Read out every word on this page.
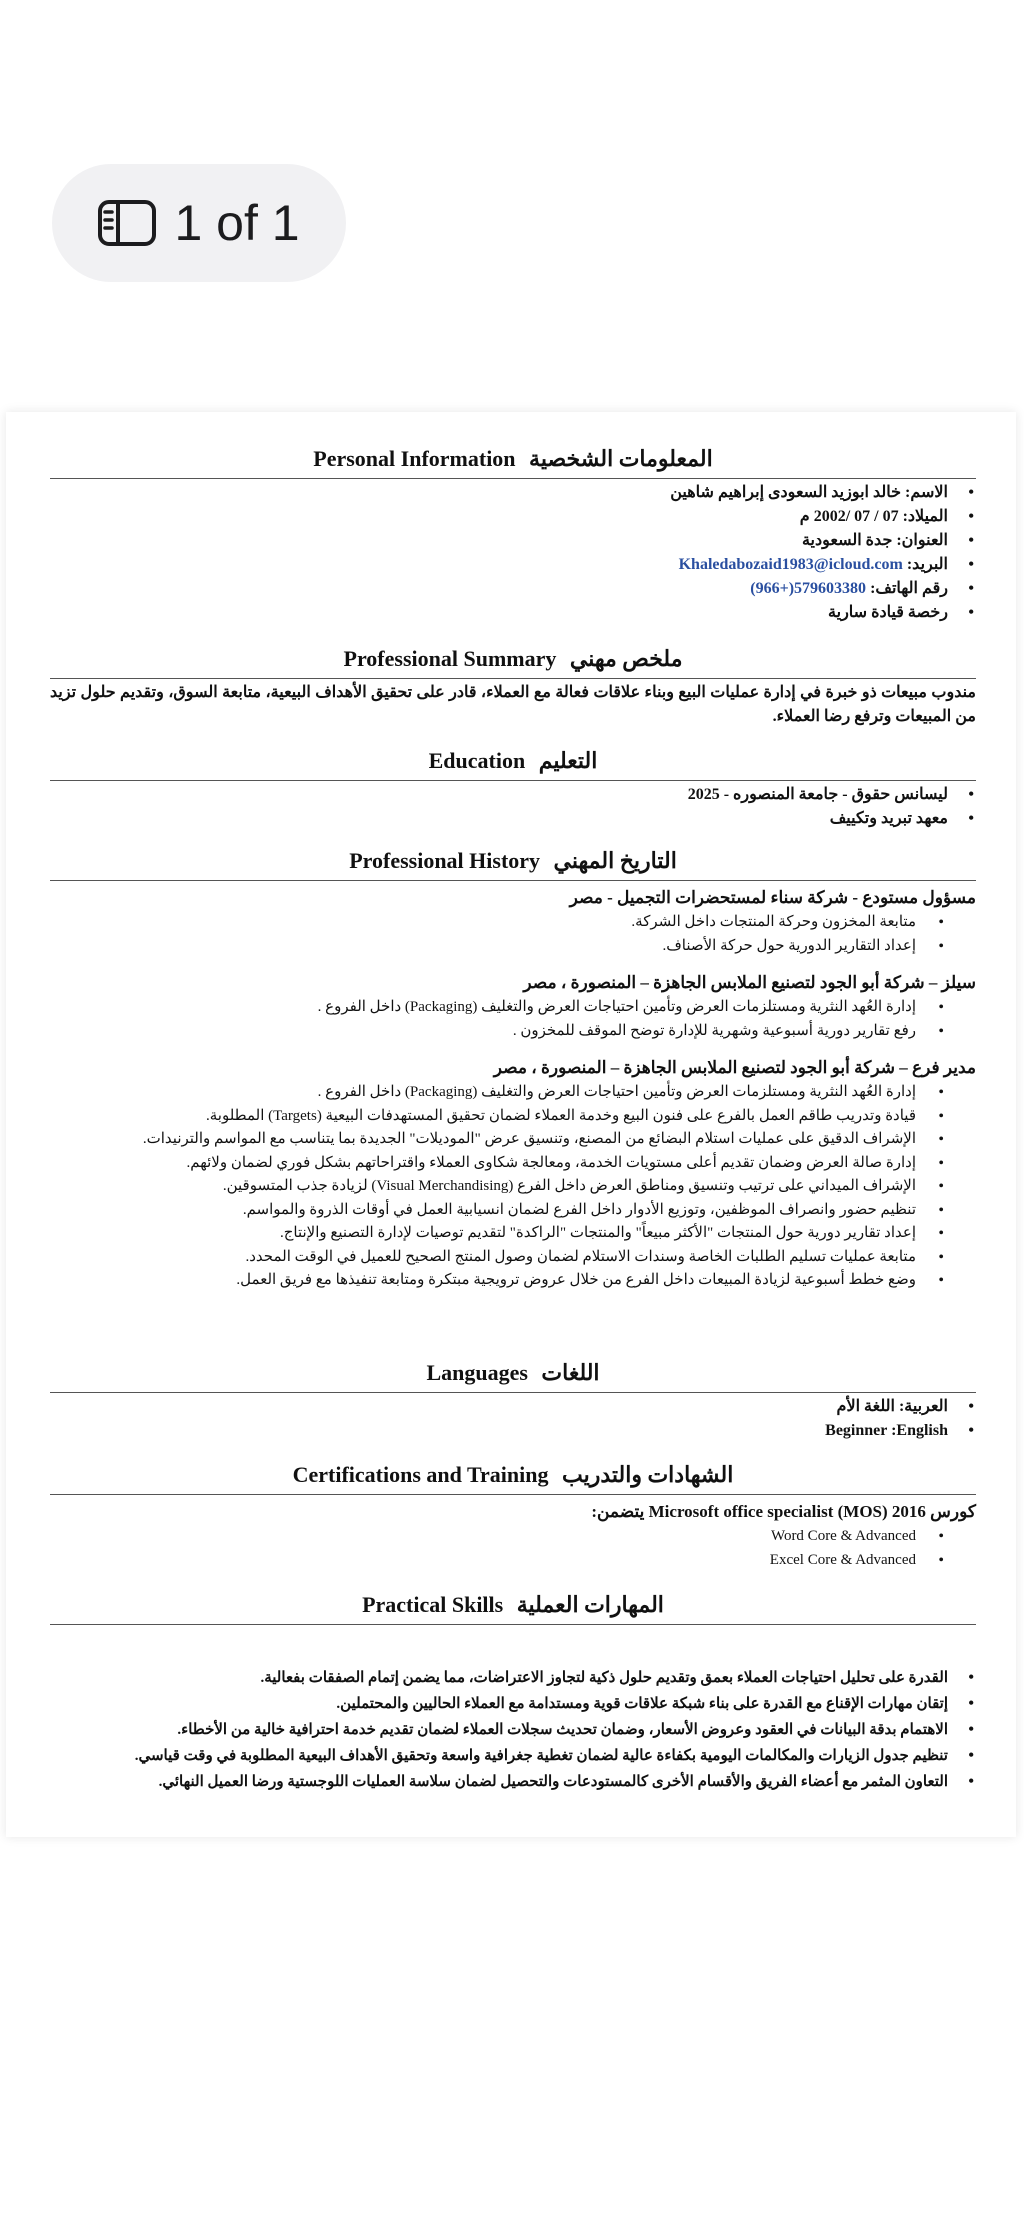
1 of 1
Personal Information المعلومات الشخصية
• الاسم: خالد ابوزيد السعودى إبراهيم شاهين
• الميلاد: 07 / 07 /2002 م
• العنوان: جدة السعودية
• البريد: Khaledabozaid1983@icloud.com
• رقم الهاتف: (966+)579603380
• رخصة قيادة سارية
Professional Summary ملخص مهني
مندوب مبيعات ذو خبرة في إدارة عمليات البيع وبناء علاقات فعالة مع العملاء، قادر على تحقيق الأهداف البيعية، متابعة السوق، وتقديم حلول تزيد من المبيعات وترفع رضا العملاء.
Education التعليم
• ليسانس حقوق - جامعة المنصوره - 2025
• معهد تبريد وتكييف
Professional History التاريخ المهني
مسؤول مستودع - شركة سناء لمستحضرات التجميل - مصر
• متابعة المخزون وحركة المنتجات داخل الشركة.
• إعداد التقارير الدورية حول حركة الأصناف.
سيلز – شركة أبو الجود لتصنيع الملابس الجاهزة – المنصورة ، مصر
• إدارة العُهد النثرية ومستلزمات العرض وتأمين احتياجات العرض والتغليف (Packaging) داخل الفروع .
• رفع تقارير دورية أسبوعية وشهرية للإدارة توضح الموقف للمخزون .
مدير فرع – شركة أبو الجود لتصنيع الملابس الجاهزة – المنصورة ، مصر
• إدارة العُهد النثرية ومستلزمات العرض وتأمين احتياجات العرض والتغليف (Packaging) داخل الفروع .
• قيادة وتدريب طاقم العمل بالفرع على فنون البيع وخدمة العملاء لضمان تحقيق المستهدفات البيعية (Targets) المطلوبة.
• الإشراف الدقيق على عمليات استلام البضائع من المصنع، وتنسيق عرض "الموديلات" الجديدة بما يتناسب مع المواسم والترنيدات.
• إدارة صالة العرض وضمان تقديم أعلى مستويات الخدمة، ومعالجة شكاوى العملاء واقتراحاتهم بشكل فوري لضمان ولائهم.
• الإشراف الميداني على ترتيب وتنسيق ومناطق العرض داخل الفرع (Visual Merchandising) لزيادة جذب المتسوقين.
• تنظيم حضور وانصراف الموظفين، وتوزيع الأدوار داخل الفرع لضمان انسيابية العمل في أوقات الذروة والمواسم.
• إعداد تقارير دورية حول المنتجات "الأكثر مبيعاً" والمنتجات "الراكدة" لتقديم توصيات لإدارة التصنيع والإنتاج.
• متابعة عمليات تسليم الطلبات الخاصة وسندات الاستلام لضمان وصول المنتج الصحيح للعميل في الوقت المحدد.
• وضع خطط أسبوعية لزيادة المبيعات داخل الفرع من خلال عروض ترويجية مبتكرة ومتابعة تنفيذها مع فريق العمل.
Languages اللغات
• العربية: اللغة الأم
• Beginner :English
Certifications and Training الشهادات والتدريب
كورس Microsoft office specialist (MOS) 2016 يتضمن:
• Word Core & Advanced
• Excel Core & Advanced
Practical Skills المهارات العملية
• القدرة على تحليل احتياجات العملاء بعمق وتقديم حلول ذكية لتجاوز الاعتراضات، مما يضمن إتمام الصفقات بفعالية.
• إتقان مهارات الإقناع مع القدرة على بناء شبكة علاقات قوية ومستدامة مع العملاء الحاليين والمحتملين.
• الاهتمام بدقة البيانات في العقود وعروض الأسعار، وضمان تحديث سجلات العملاء لضمان تقديم خدمة احترافية خالية من الأخطاء.
• تنظيم جدول الزيارات والمكالمات اليومية بكفاءة عالية لضمان تغطية جغرافية واسعة وتحقيق الأهداف البيعية المطلوبة في وقت قياسي.
• التعاون المثمر مع أعضاء الفريق والأقسام الأخرى كالمستودعات والتحصيل لضمان سلاسة العمليات اللوجستية ورضا العميل النهائي.
